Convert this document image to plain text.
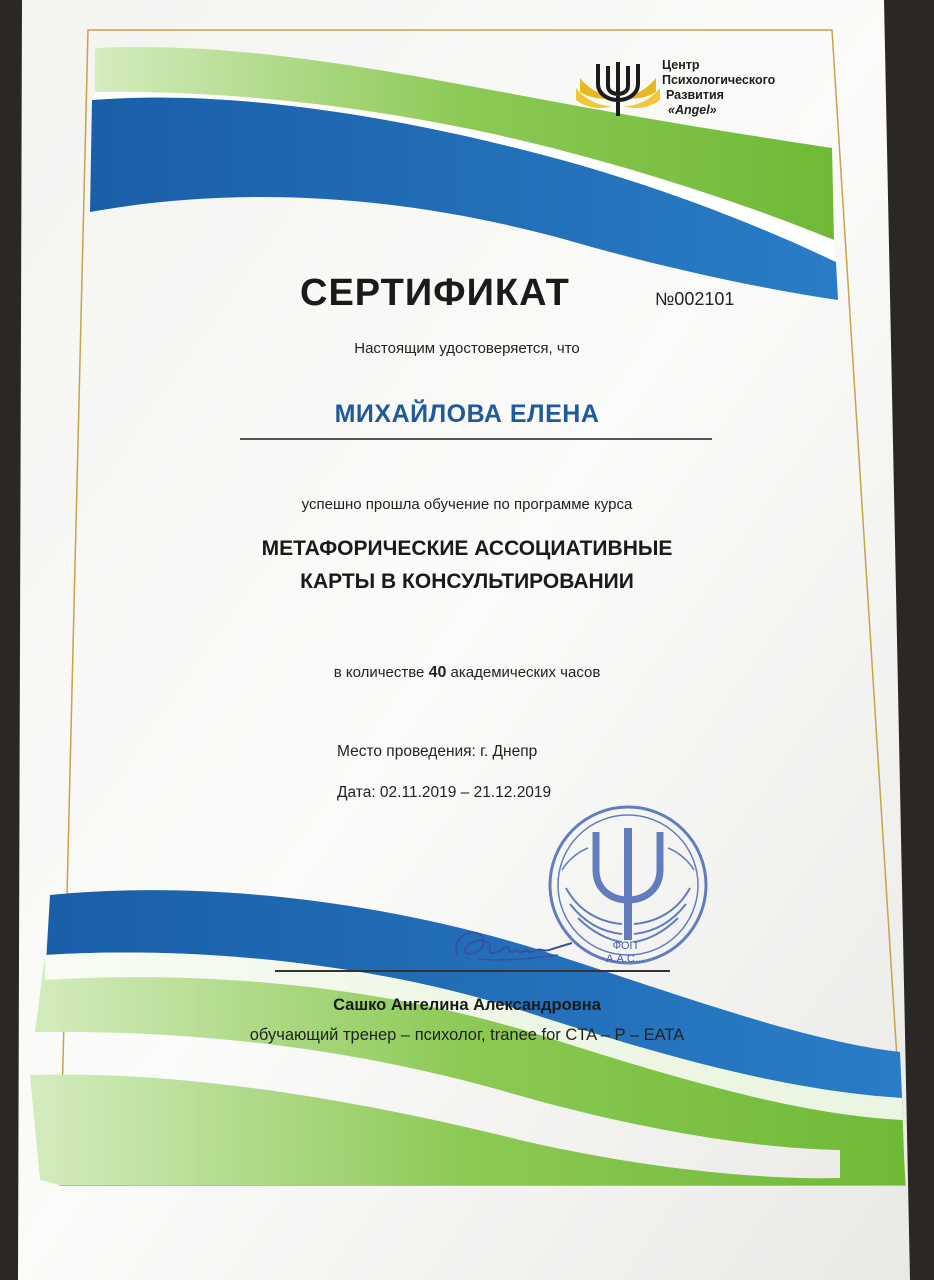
Центр
Психологического
Развития
«Angel»
СЕРТИФИКАТ	№002101
Настоящим удостоверяется, что
МИХАЙЛОВА ЕЛЕНА
успешно прошла обучение по программе курса
МЕТАФОРИЧЕСКИЕ АССОЦИАТИВНЫЕ
КАРТЫ В КОНСУЛЬТИРОВАНИИ
в количестве 40 академических часов
Место проведения: г. Днепр
Дата: 02.11.2019 – 21.12.2019
ФОП
А.А.С...
Сашко Ангелина Александровна
обучающий тренер – психолог, tranee for CTA – P – EATA
